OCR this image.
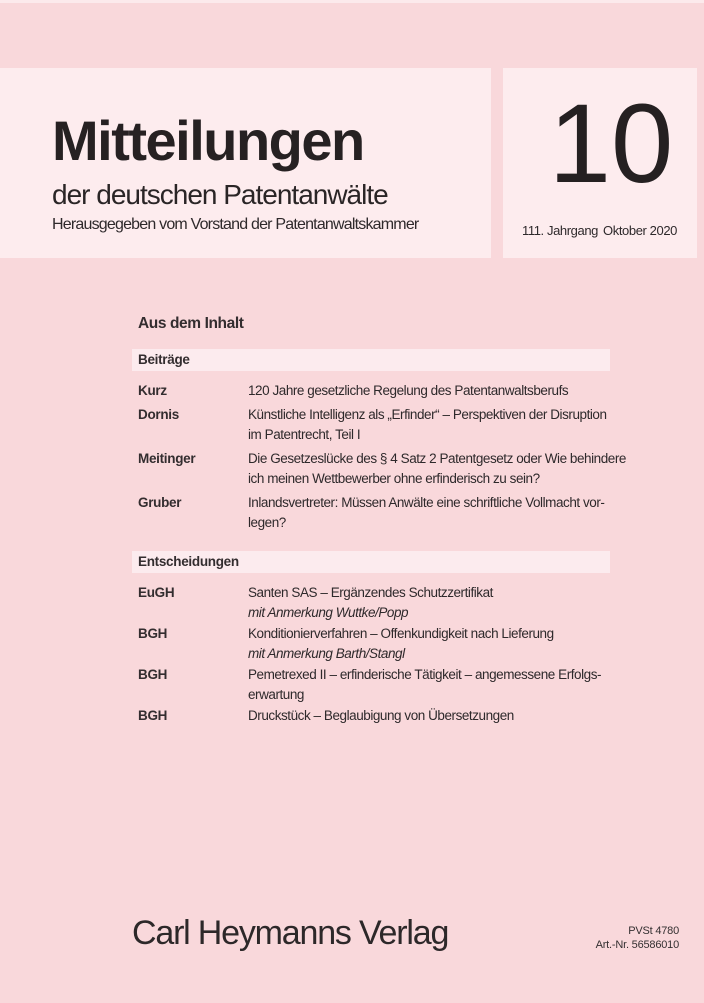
Mitteilungen
der deutschen Patentanwälte
Herausgegeben vom Vorstand der Patentanwaltskammer
10
111. Jahrgang Oktober 2020
Aus dem Inhalt
Beiträge
Kurz	120 Jahre gesetzliche Regelung des Patentanwaltsberufs
Dornis	Künstliche Intelligenz als „Erfinder“ – Perspektiven der Disruption
im Patentrecht, Teil I
Meitinger	Die Gesetzeslücke des § 4 Satz 2 Patentgesetz oder Wie behindere
ich meinen Wettbewerber ohne erfinderisch zu sein?
Gruber	Inlandsvertreter: Müssen Anwälte eine schriftliche Vollmacht vor-
legen?
Entscheidungen
EuGH	Santen SAS – Ergänzendes Schutzzertifikat
mit Anmerkung Wuttke/Popp
BGH	Konditionierverfahren – Offenkundigkeit nach Lieferung
mit Anmerkung Barth/Stangl
BGH	Pemetrexed II – erfinderische Tätigkeit – angemessene Erfolgs-
erwartung
BGH	Druckstück – Beglaubigung von Übersetzungen
Carl Heymanns Verlag	PVSt 4780
Art.-Nr. 56586010
